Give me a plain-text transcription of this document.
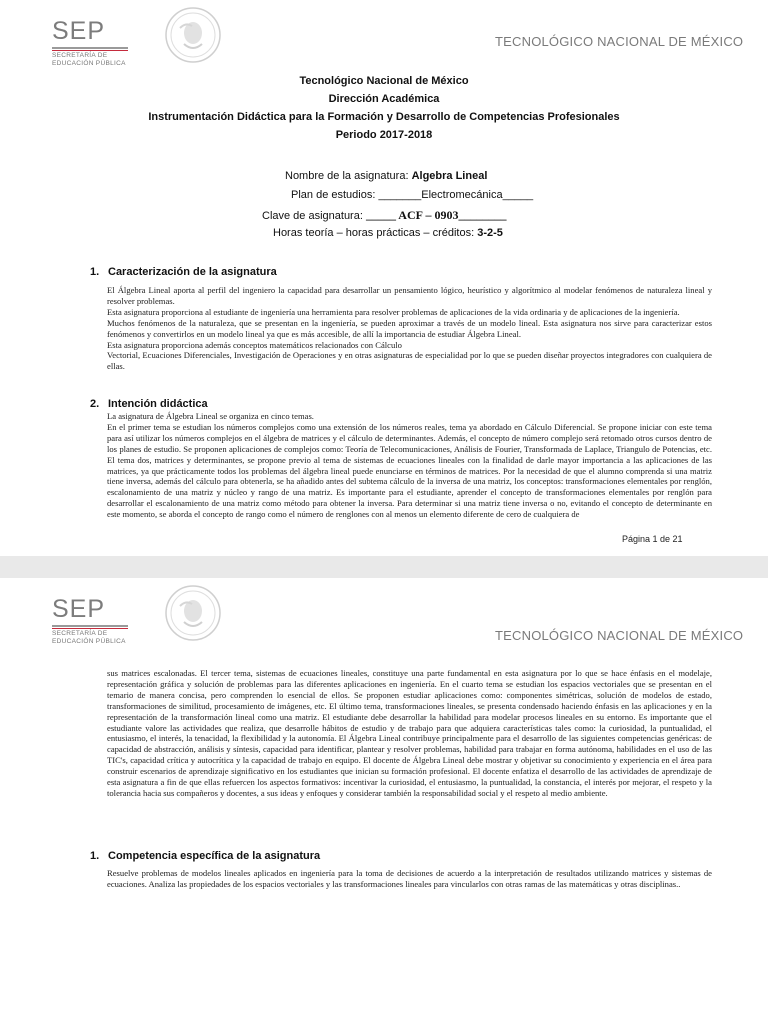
SEP
SECRETARÍA DE
EDUCACIÓN PÚBLICA
TECNOLÓGICO NACIONAL DE MÉXICO
Tecnológico Nacional de México
Dirección Académica
Instrumentación Didáctica para la Formación y Desarrollo de Competencias Profesionales
Periodo 2017-2018
Nombre de la asignatura: Algebra Lineal
Plan de estudios: _______Electromecánica_____
Clave de asignatura: _____ ACF – 0903________
Horas teoría – horas prácticas – créditos: 3-2-5
1. Caracterización de la asignatura

El Álgebra Lineal aporta al perfil del ingeniero la capacidad para desarrollar un pensamiento lógico, heurístico y algorítmico al modelar fenómenos de naturaleza lineal y resolver problemas.

Esta asignatura proporciona al estudiante de ingeniería una herramienta para resolver problemas de aplicaciones de la vida ordinaria y de aplicaciones de la ingeniería.

Muchos fenómenos de la naturaleza, que se presentan en la ingeniería, se pueden aproximar a través de un modelo lineal. Esta asignatura nos sirve para caracterizar estos fenómenos y convertirlos en un modelo lineal ya que es más accesible, de allí la importancia de estudiar Álgebra Lineal.

Esta asignatura proporciona además conceptos matemáticos relacionados con Cálculo

Vectorial, Ecuaciones Diferenciales, Investigación de Operaciones y en otras asignaturas de especialidad por lo que se pueden diseñar proyectos integradores con cualquiera de ellas.

2. Intención didáctica

La asignatura de Álgebra Lineal se organiza en cinco temas.

En el primer tema se estudian los números complejos como una extensión de los números reales, tema ya abordado en Cálculo Diferencial. Se propone iniciar con este tema para así utilizar los números complejos en el álgebra de matrices y el cálculo de determinantes. Además, el concepto de número complejo será retomado otros cursos dentro de los planes de estudio. Se proponen aplicaciones de complejos como: Teoría de Telecomunicaciones, Análisis de Fourier, Transformada de Laplace, Triangulo de Potencias, etc. El tema dos, matrices y determinantes, se propone previo al tema de sistemas de ecuaciones lineales con la finalidad de darle mayor importancia a las aplicaciones de las matrices, ya que prácticamente todos los problemas del álgebra lineal puede enunciarse en términos de matrices. Por la necesidad de que el alumno comprenda si una matriz tiene inversa, además del cálculo para obtenerla, se ha añadido antes del subtema cálculo de la inversa de una matriz, los conceptos: transformaciones elementales por renglón, escalonamiento de una matriz y núcleo y rango de una matriz. Es importante para el estudiante, aprender el concepto de transformaciones elementales por renglón para desarrollar el escalonamiento de una matriz como método para obtener la inversa. Para determinar si una matriz tiene inversa o no, evitando el concepto de determinante en este momento, se aborda el concepto de rango como el número de renglones con al menos un elemento diferente de cero de cualquiera de

Página 1 de 21
SEP
SECRETARÍA DE
EDUCACIÓN PÚBLICA	TECNOLÓGICO NACIONAL DE MÉXICO

sus matrices escalonadas. El tercer tema, sistemas de ecuaciones lineales, constituye una parte fundamental en esta asignatura por lo que se hace énfasis en el modelaje, representación gráfica y solución de problemas para las diferentes aplicaciones en ingeniería. En el cuarto tema se estudian los espacios vectoriales que se presentan en el temario de manera concisa, pero comprenden lo esencial de ellos. Se proponen estudiar aplicaciones como: componentes simétricas, solución de modelos de estado, transformaciones de similitud, procesamiento de imágenes, etc. El último tema, transformaciones lineales, se presenta condensado haciendo énfasis en las aplicaciones y en la representación de la transformación lineal como una matriz. El estudiante debe desarrollar la habilidad para modelar procesos lineales en su entorno. Es importante que el estudiante valore las actividades que realiza, que desarrolle hábitos de estudio y de trabajo para que adquiera características tales como: la curiosidad, la puntualidad, el entusiasmo, el interés, la tenacidad, la flexibilidad y la autonomía. El Álgebra Lineal contribuye principalmente para el desarrollo de las siguientes competencias genéricas: de capacidad de abstracción, análisis y síntesis, capacidad para identificar, plantear y resolver problemas, habilidad para trabajar en forma autónoma, habilidades en el uso de las TIC's, capacidad crítica y autocrítica y la capacidad de trabajo en equipo. El docente de Álgebra Lineal debe mostrar y objetivar su conocimiento y experiencia en el área para construir escenarios de aprendizaje significativo en los estudiantes que inician su formación profesional. El docente enfatiza el desarrollo de las actividades de aprendizaje de esta asignatura a fin de que ellas refuercen los aspectos formativos: incentivar la curiosidad, el entusiasmo, la puntualidad, la constancia, el interés por mejorar, el respeto y la tolerancia hacia sus compañeros y docentes, a sus ideas y enfoques y considerar también la responsabilidad social y el respeto al medio ambiente.

1. Competencia específica de la asignatura

Resuelve problemas de modelos lineales aplicados en ingeniería para la toma de decisiones de acuerdo a la interpretación de resultados utilizando matrices y sistemas de ecuaciones. Analiza las propiedades de los espacios vectoriales y las transformaciones lineales para vincularlos con otras ramas de las matemáticas y otras disciplinas..
